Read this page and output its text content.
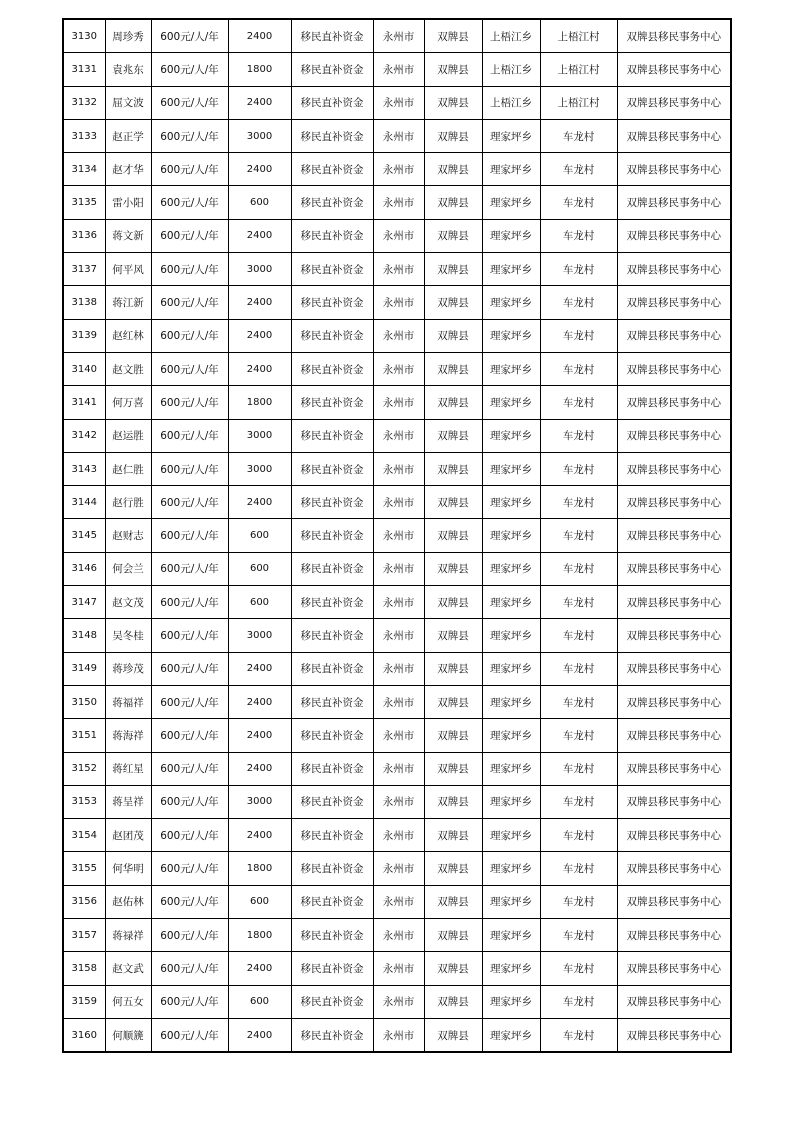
3130	周珍秀	600元/人/年	2400	移民直补资金	永州市	双牌县	上梧江乡	上梧江村	双牌县移民事务中心
3131	袁兆东	600元/人/年	1800	移民直补资金	永州市	双牌县	上梧江乡	上梧江村	双牌县移民事务中心
3132	屈文波	600元/人/年	2400	移民直补资金	永州市	双牌县	上梧江乡	上梧江村	双牌县移民事务中心
3133	赵正学	600元/人/年	3000	移民直补资金	永州市	双牌县	理家坪乡	车龙村	双牌县移民事务中心
3134	赵才华	600元/人/年	2400	移民直补资金	永州市	双牌县	理家坪乡	车龙村	双牌县移民事务中心
3135	雷小阳	600元/人/年	600	移民直补资金	永州市	双牌县	理家坪乡	车龙村	双牌县移民事务中心
3136	蒋文新	600元/人/年	2400	移民直补资金	永州市	双牌县	理家坪乡	车龙村	双牌县移民事务中心
3137	何平风	600元/人/年	3000	移民直补资金	永州市	双牌县	理家坪乡	车龙村	双牌县移民事务中心
3138	蒋江新	600元/人/年	2400	移民直补资金	永州市	双牌县	理家坪乡	车龙村	双牌县移民事务中心
3139	赵红林	600元/人/年	2400	移民直补资金	永州市	双牌县	理家坪乡	车龙村	双牌县移民事务中心
3140	赵文胜	600元/人/年	2400	移民直补资金	永州市	双牌县	理家坪乡	车龙村	双牌县移民事务中心
3141	何万喜	600元/人/年	1800	移民直补资金	永州市	双牌县	理家坪乡	车龙村	双牌县移民事务中心
3142	赵运胜	600元/人/年	3000	移民直补资金	永州市	双牌县	理家坪乡	车龙村	双牌县移民事务中心
3143	赵仁胜	600元/人/年	3000	移民直补资金	永州市	双牌县	理家坪乡	车龙村	双牌县移民事务中心
3144	赵行胜	600元/人/年	2400	移民直补资金	永州市	双牌县	理家坪乡	车龙村	双牌县移民事务中心
3145	赵财志	600元/人/年	600	移民直补资金	永州市	双牌县	理家坪乡	车龙村	双牌县移民事务中心
3146	何会兰	600元/人/年	600	移民直补资金	永州市	双牌县	理家坪乡	车龙村	双牌县移民事务中心
3147	赵文茂	600元/人/年	600	移民直补资金	永州市	双牌县	理家坪乡	车龙村	双牌县移民事务中心
3148	吴冬桂	600元/人/年	3000	移民直补资金	永州市	双牌县	理家坪乡	车龙村	双牌县移民事务中心
3149	蒋珍茂	600元/人/年	2400	移民直补资金	永州市	双牌县	理家坪乡	车龙村	双牌县移民事务中心
3150	蒋福祥	600元/人/年	2400	移民直补资金	永州市	双牌县	理家坪乡	车龙村	双牌县移民事务中心
3151	蒋海祥	600元/人/年	2400	移民直补资金	永州市	双牌县	理家坪乡	车龙村	双牌县移民事务中心
3152	蒋红星	600元/人/年	2400	移民直补资金	永州市	双牌县	理家坪乡	车龙村	双牌县移民事务中心
3153	蒋呈祥	600元/人/年	3000	移民直补资金	永州市	双牌县	理家坪乡	车龙村	双牌县移民事务中心
3154	赵团茂	600元/人/年	2400	移民直补资金	永州市	双牌县	理家坪乡	车龙村	双牌县移民事务中心
3155	何华明	600元/人/年	1800	移民直补资金	永州市	双牌县	理家坪乡	车龙村	双牌县移民事务中心
3156	赵佑林	600元/人/年	600	移民直补资金	永州市	双牌县	理家坪乡	车龙村	双牌县移民事务中心
3157	蒋禄祥	600元/人/年	1800	移民直补资金	永州市	双牌县	理家坪乡	车龙村	双牌县移民事务中心
3158	赵文武	600元/人/年	2400	移民直补资金	永州市	双牌县	理家坪乡	车龙村	双牌县移民事务中心
3159	何五女	600元/人/年	600	移民直补资金	永州市	双牌县	理家坪乡	车龙村	双牌县移民事务中心
3160	何顺篪	600元/人/年	2400	移民直补资金	永州市	双牌县	理家坪乡	车龙村	双牌县移民事务中心
